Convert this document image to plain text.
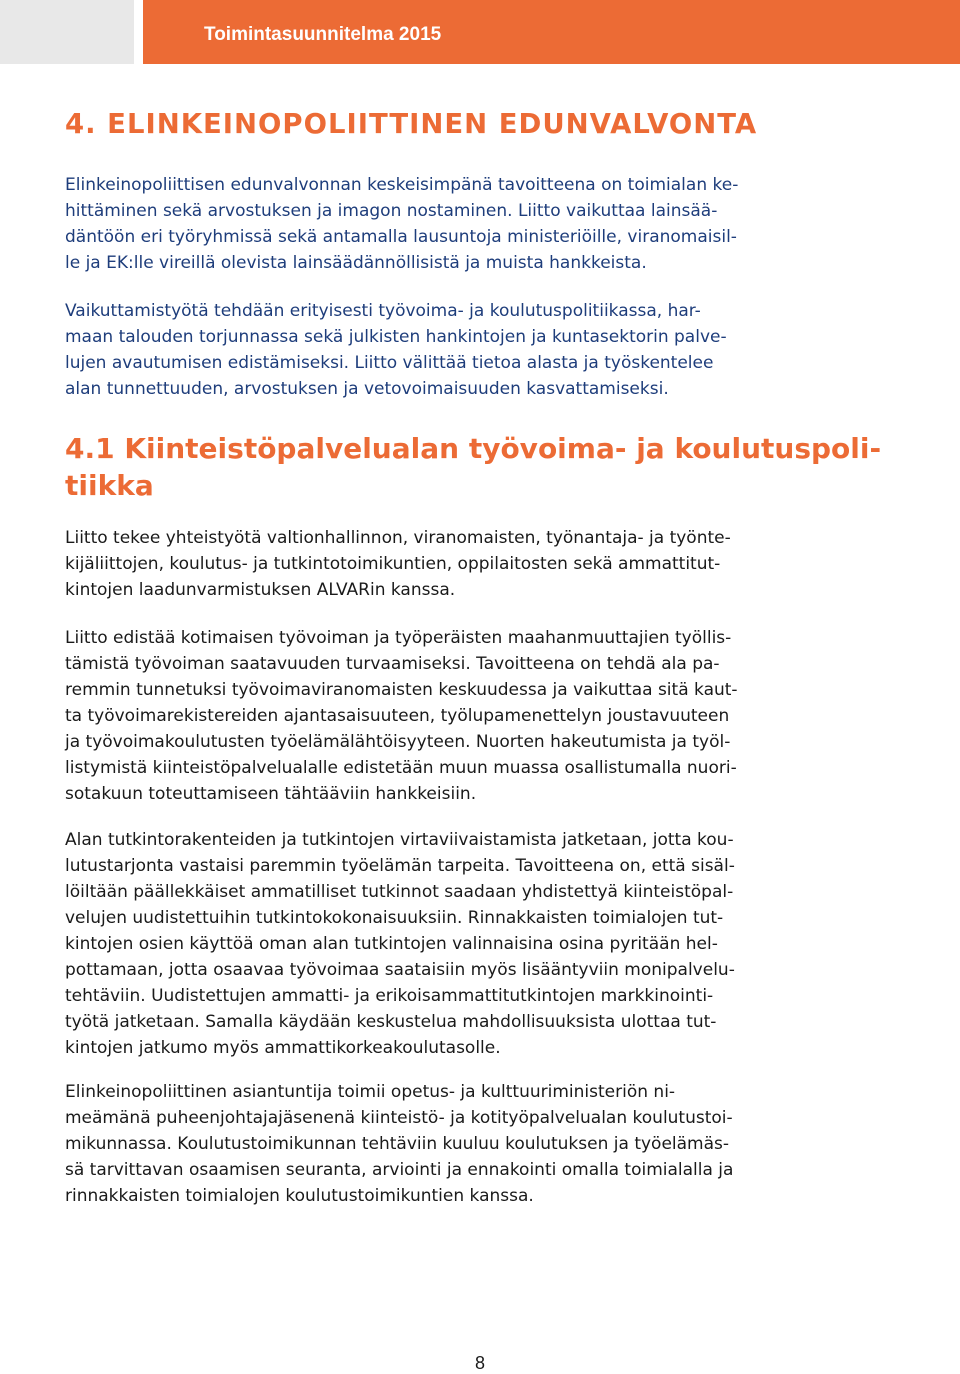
Toimintasuunnitelma 2015
4. ELINKEINOPOLIITTINEN EDUNVALVONTA
Elinkeinopoliittisen edunvalvonnan keskeisimpänä tavoitteena on toimialan ke-
hittäminen sekä arvostuksen ja imagon nostaminen. Liitto vaikuttaa lainsää-
däntöön eri työryhmissä sekä antamalla lausuntoja ministeriöille, viranomaisil-
le ja EK:lle vireillä olevista lainsäädännöllisistä ja muista hankkeista.
Vaikuttamistyötä tehdään erityisesti työvoima- ja koulutuspolitiikassa, har-
maan talouden torjunnassa sekä julkisten hankintojen ja kuntasektorin palve-
lujen avautumisen edistämiseksi. Liitto välittää tietoa alasta ja työskentelee
alan tunnettuuden, arvostuksen ja vetovoimaisuuden kasvattamiseksi.
4.1 Kiinteistöpalvelualan työvoima- ja koulutuspoli-
tiikka
Liitto tekee yhteistyötä valtionhallinnon, viranomaisten, työnantaja- ja työnte-
kijäliittojen, koulutus- ja tutkintotoimikuntien, oppilaitosten sekä ammattitut-
kintojen laadunvarmistuksen ALVARin kanssa.
Liitto edistää kotimaisen työvoiman ja työperäisten maahanmuuttajien työllis-
tämistä työvoiman saatavuuden turvaamiseksi. Tavoitteena on tehdä ala pa-
remmin tunnetuksi työvoimaviranomaisten keskuudessa ja vaikuttaa sitä kaut-
ta työvoimarekistereiden ajantasaisuuteen, työlupamenettelyn joustavuuteen
ja työvoimakoulutusten työelämälähtöisyyteen. Nuorten hakeutumista ja työl-
listymistä kiinteistöpalvelualalle edistetään muun muassa osallistumalla nuori-
sotakuun toteuttamiseen tähtääviin hankkeisiin.
Alan tutkintorakenteiden ja tutkintojen virtaviivaistamista jatketaan, jotta kou-
lutustarjonta vastaisi paremmin työelämän tarpeita. Tavoitteena on, että sisäl-
löiltään päällekkäiset ammatilliset tutkinnot saadaan yhdistettyä kiinteistöpal-
velujen uudistettuihin tutkintokokonaisuuksiin. Rinnakkaisten toimialojen tut-
kintojen osien käyttöä oman alan tutkintojen valinnaisina osina pyritään hel-
pottamaan, jotta osaavaa työvoimaa saataisiin myös lisääntyviin monipalvelu-
tehtäviin. Uudistettujen ammatti- ja erikoisammattitutkintojen markkinointi-
työtä jatketaan. Samalla käydään keskustelua mahdollisuuksista ulottaa tut-
kintojen jatkumo myös ammattikorkeakoulutasolle.
Elinkeinopoliittinen asiantuntija toimii opetus- ja kulttuuriministeriön ni-
meämänä puheenjohtajajäsenenä kiinteistö- ja kotityöpalvelualan koulutustoi-
mikunnassa. Koulutustoimikunnan tehtäviin kuuluu koulutuksen ja työelämäs-
sä tarvittavan osaamisen seuranta, arviointi ja ennakointi omalla toimialalla ja
rinnakkaisten toimialojen koulutustoimikuntien kanssa.
8
